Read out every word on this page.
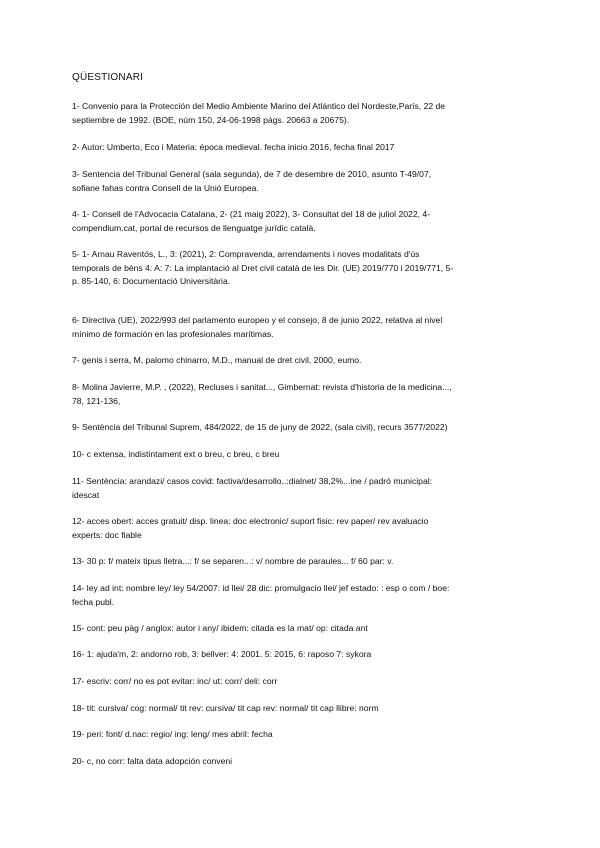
QÜESTIONARI
1- Convenio para la Protección del Medio Ambiente Marino del Atlántico del Nordeste,París, 22 de
septiembre de 1992. (BOE, núm 150, 24-06-1998 págs. 20663 a 20675).
2- Autor: Umberto, Eco i Materia: época medieval. fecha inicio 2016, fecha final 2017
3- Sentencia del Tribunal General (sala segunda), de 7 de desembre de 2010, asunto T-49/07,
sofiane fahas contra Consell de la Unió Europea.
4- 1- Consell de l'Advocacia Catalana, 2- (21 maig 2022), 3- Consultat del 18 de juliol 2022, 4-
compendium.cat, portal de recursos de llenguatge jurídic català.
5- 1- Arnau Raventós, L., 3: (2021), 2: Compravenda, arrendaments i noves modalitats d'ús
temporals de béns 4: A: 7: La implantació al Dret civil català de les Dir. (UE) 2019/770 i 2019/771, 5-
p. 85-140, 6: Documentació Universitària.
6- Directiva (UE), 2022/993 del parlamento europeo y el consejo, 8 de junio 2022, relativa al nivel
mínimo de formación en las profesionales marítimas.
7- genis i serra, M, palomo chinarro, M.D., manual de dret civil, 2000, eumo.
8- Molina Javierre, M.P. , (2022), Recluses i sanitat..., Gimbernat: revista d'historia de la medicina...,
78, 121-136,
9- Sentència del Tribunal Suprem, 484/2022, de 15 de juny de 2022, (sala civil), recurs 3577/2022)
10- c extensa, indistintament ext o breu, c breu, c breu
11- Sentència: arandazi/ casos covid: factiva/desarrollo..:dialnet/ 38,2%...ine / padró municipal:
idescat
12- acces obert: acces gratuit/ disp. linea: doc electronic/ suport fisic: rev paper/ rev avaluacio
experts: doc fiable
13- 30 p: f/ mateix tipus lletra...: f/ se separen...: v/ nombre de paraules... f/ 60 par: v.
14- ley ad int: nombre ley/ ley 54/2007: id llei/ 28 dic: promulgacio llei/ jef estado: : esp o com / boe:
fecha publ.
15- cont: peu pàg / anglox: autor i any/ ibidem: citada es la mat/ op: citada ant
16- 1: ajuda'm, 2: andorno rob, 3: bellver: 4: 2001. 5: 2015, 6: raposo 7: sykora
17- escriv: corr/ no es pot evitar: inc/ ut: corr/ deli: corr
18- tit: cursiva/ cog: normal/ tit rev: cursiva/ tit cap rev: normal/ tit cap llibre: norm
19- peri: font/ d.nac: regio/ ing: leng/ mes abril: fecha
20- c, no corr: falta data adopción conveni
